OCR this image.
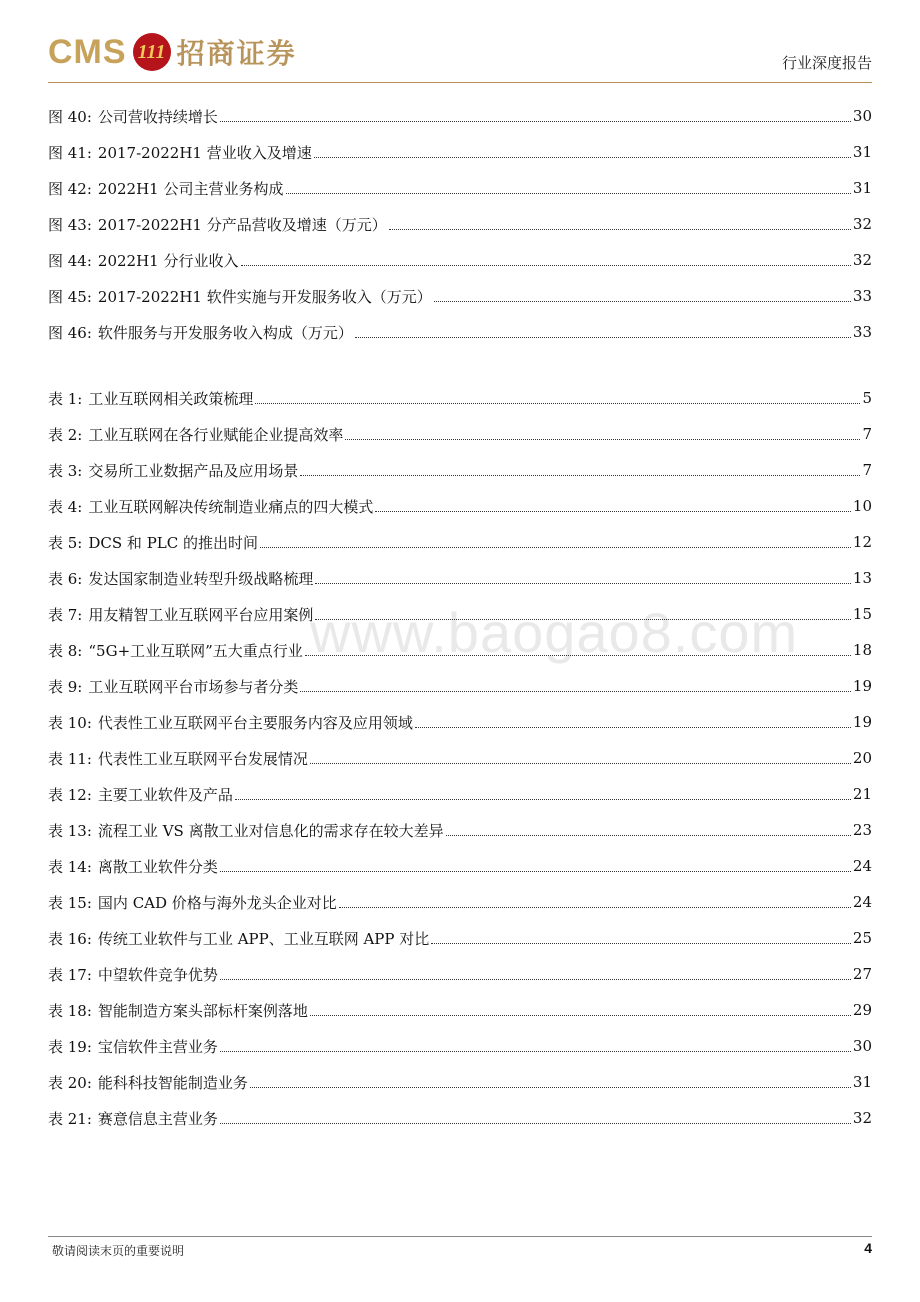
CMS 111 招商证券	行业深度报告
www.baogao8.com
图 40: 公司营收持续增长	30
图 41: 2017-2022H1 营业收入及增速	31
图 42: 2022H1 公司主营业务构成	31
图 43: 2017-2022H1 分产品营收及增速（万元）	32
图 44: 2022H1 分行业收入	32
图 45: 2017-2022H1 软件实施与开发服务收入（万元）	33
图 46: 软件服务与开发服务收入构成（万元）	33
表 1: 工业互联网相关政策梳理	5
表 2: 工业互联网在各行业赋能企业提高效率	7
表 3: 交易所工业数据产品及应用场景	7
表 4: 工业互联网解决传统制造业痛点的四大模式	10
表 5: DCS 和 PLC 的推出时间	12
表 6: 发达国家制造业转型升级战略梳理	13
表 7: 用友精智工业互联网平台应用案例	15
表 8: “5G+工业互联网”五大重点行业	18
表 9: 工业互联网平台市场参与者分类	19
表 10: 代表性工业互联网平台主要服务内容及应用领域	19
表 11: 代表性工业互联网平台发展情况	20
表 12: 主要工业软件及产品	21
表 13: 流程工业 VS 离散工业对信息化的需求存在较大差异	23
表 14: 离散工业软件分类	24
表 15: 国内 CAD 价格与海外龙头企业对比	24
表 16: 传统工业软件与工业 APP、工业互联网 APP 对比	25
表 17: 中望软件竞争优势	27
表 18: 智能制造方案头部标杆案例落地	29
表 19: 宝信软件主营业务	30
表 20: 能科科技智能制造业务	31
表 21: 赛意信息主营业务	32
敬请阅读末页的重要说明	4
